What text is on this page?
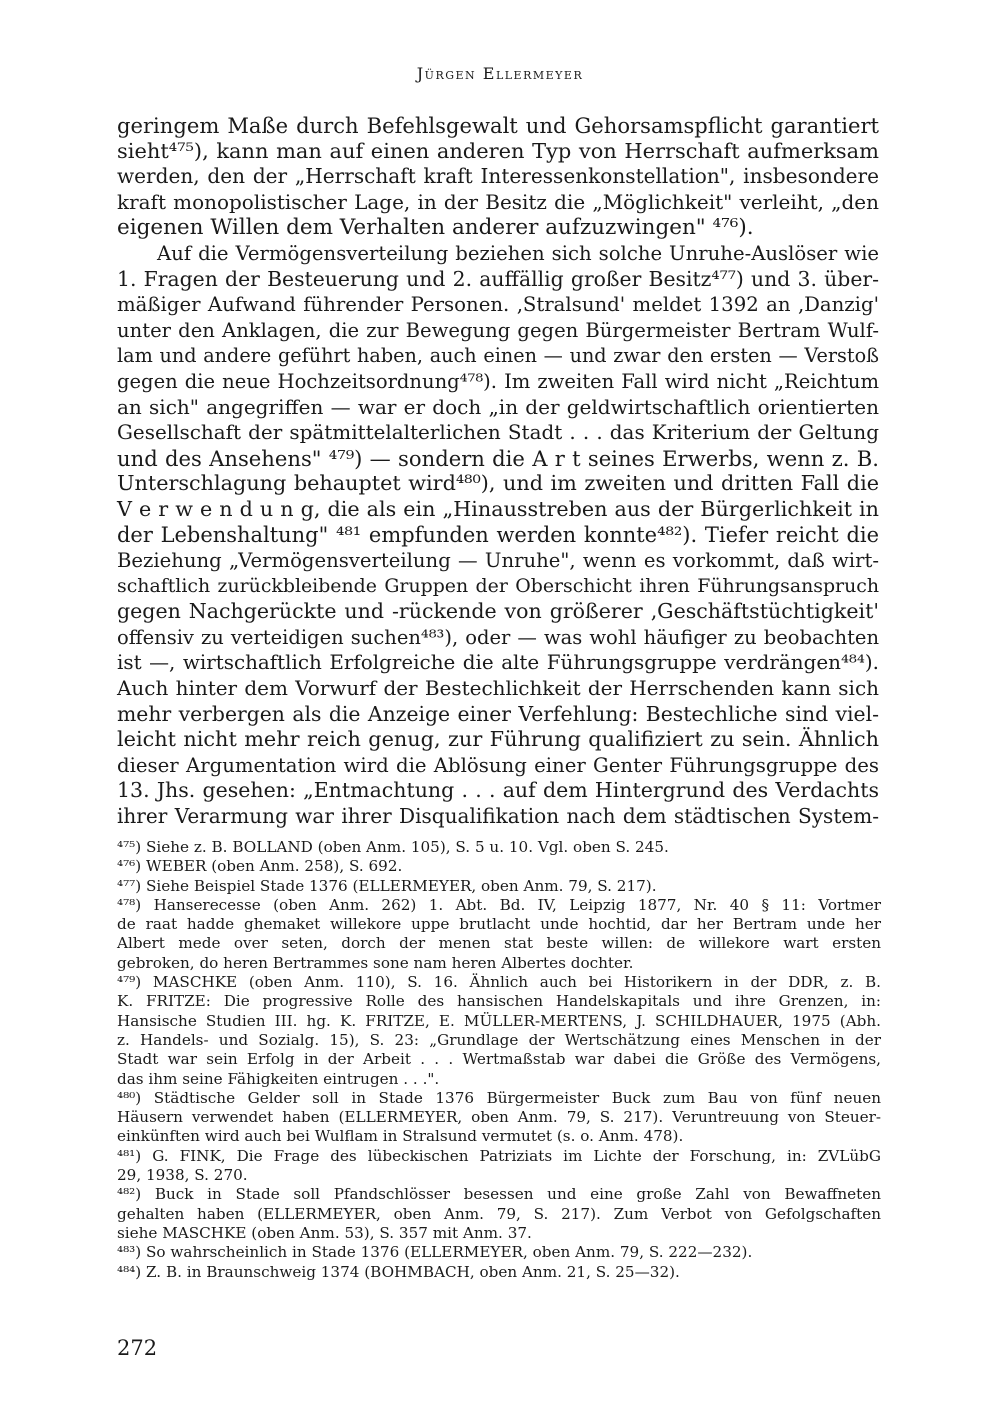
Jürgen Ellermeyer
geringem Maße durch Befehlsgewalt und Gehorsamspflicht garantiert
sieht⁴⁷⁵), kann man auf einen anderen Typ von Herrschaft aufmerksam
werden, den der „Herrschaft kraft Interessenkonstellation", insbesondere
kraft monopolistischer Lage, in der Besitz die „Möglichkeit" verleiht, „den
eigenen Willen dem Verhalten anderer aufzuzwingen" ⁴⁷⁶).
Auf die Vermögensverteilung beziehen sich solche Unruhe-Auslöser wie
1. Fragen der Besteuerung und 2. auffällig großer Besitz⁴⁷⁷) und 3. über-
mäßiger Aufwand führender Personen. ‚Stralsund' meldet 1392 an ‚Danzig'
unter den Anklagen, die zur Bewegung gegen Bürgermeister Bertram Wulf-
lam und andere geführt haben, auch einen — und zwar den ersten — Verstoß
gegen die neue Hochzeitsordnung⁴⁷⁸). Im zweiten Fall wird nicht „Reichtum
an sich" angegriffen — war er doch „in der geldwirtschaftlich orientierten
Gesellschaft der spätmittelalterlichen Stadt . . . das Kriterium der Geltung
und des Ansehens" ⁴⁷⁹) — sondern die A r t seines Erwerbs, wenn z. B.
Unterschlagung behauptet wird⁴⁸⁰), und im zweiten und dritten Fall die
V e r w e n d u n g, die als ein „Hinausstreben aus der Bürgerlichkeit in
der Lebenshaltung" ⁴⁸¹ empfunden werden konnte⁴⁸²). Tiefer reicht die
Beziehung „Vermögensverteilung — Unruhe", wenn es vorkommt, daß wirt-
schaftlich zurückbleibende Gruppen der Oberschicht ihren Führungsanspruch
gegen Nachgerückte und -rückende von größerer ‚Geschäftstüchtigkeit'
offensiv zu verteidigen suchen⁴⁸³), oder — was wohl häufiger zu beobachten
ist —, wirtschaftlich Erfolgreiche die alte Führungsgruppe verdrängen⁴⁸⁴).
Auch hinter dem Vorwurf der Bestechlichkeit der Herrschenden kann sich
mehr verbergen als die Anzeige einer Verfehlung: Bestechliche sind viel-
leicht nicht mehr reich genug, zur Führung qualifiziert zu sein. Ähnlich
dieser Argumentation wird die Ablösung einer Genter Führungsgruppe des
13. Jhs. gesehen: „Entmachtung . . . auf dem Hintergrund des Verdachts
ihrer Verarmung war ihrer Disqualifikation nach dem städtischen System-
⁴⁷⁵) Siehe z. B. BOLLAND (oben Anm. 105), S. 5 u. 10. Vgl. oben S. 245.
⁴⁷⁶) WEBER (oben Anm. 258), S. 692.
⁴⁷⁷) Siehe Beispiel Stade 1376 (ELLERMEYER, oben Anm. 79, S. 217).
⁴⁷⁸) Hanserecesse (oben Anm. 262) 1. Abt. Bd. IV, Leipzig 1877, Nr. 40 § 11: Vortmer
de raat hadde ghemaket willekore uppe brutlacht unde hochtid, dar her Bertram unde her
Albert mede over seten, dorch der menen stat beste willen: de willekore wart ersten
gebroken, do heren Bertrammes sone nam heren Albertes dochter.
⁴⁷⁹) MASCHKE (oben Anm. 110), S. 16. Ähnlich auch bei Historikern in der DDR, z. B.
K. FRITZE: Die progressive Rolle des hansischen Handelskapitals und ihre Grenzen, in:
Hansische Studien III. hg. K. FRITZE, E. MÜLLER-MERTENS, J. SCHILDHAUER, 1975 (Abh.
z. Handels- und Sozialg. 15), S. 23: „Grundlage der Wertschätzung eines Menschen in der
Stadt war sein Erfolg in der Arbeit . . . Wertmaßstab war dabei die Größe des Vermögens,
das ihm seine Fähigkeiten eintrugen . . .".
⁴⁸⁰) Städtische Gelder soll in Stade 1376 Bürgermeister Buck zum Bau von fünf neuen
Häusern verwendet haben (ELLERMEYER, oben Anm. 79, S. 217). Veruntreuung von Steuer-
einkünften wird auch bei Wulflam in Stralsund vermutet (s. o. Anm. 478).
⁴⁸¹) G. FINK, Die Frage des lübeckischen Patriziats im Lichte der Forschung, in: ZVLübG
29, 1938, S. 270.
⁴⁸²) Buck in Stade soll Pfandschlösser besessen und eine große Zahl von Bewaffneten
gehalten haben (ELLERMEYER, oben Anm. 79, S. 217). Zum Verbot von Gefolgschaften
siehe MASCHKE (oben Anm. 53), S. 357 mit Anm. 37.
⁴⁸³) So wahrscheinlich in Stade 1376 (ELLERMEYER, oben Anm. 79, S. 222—232).
⁴⁸⁴) Z. B. in Braunschweig 1374 (BOHMBACH, oben Anm. 21, S. 25—32).
272
